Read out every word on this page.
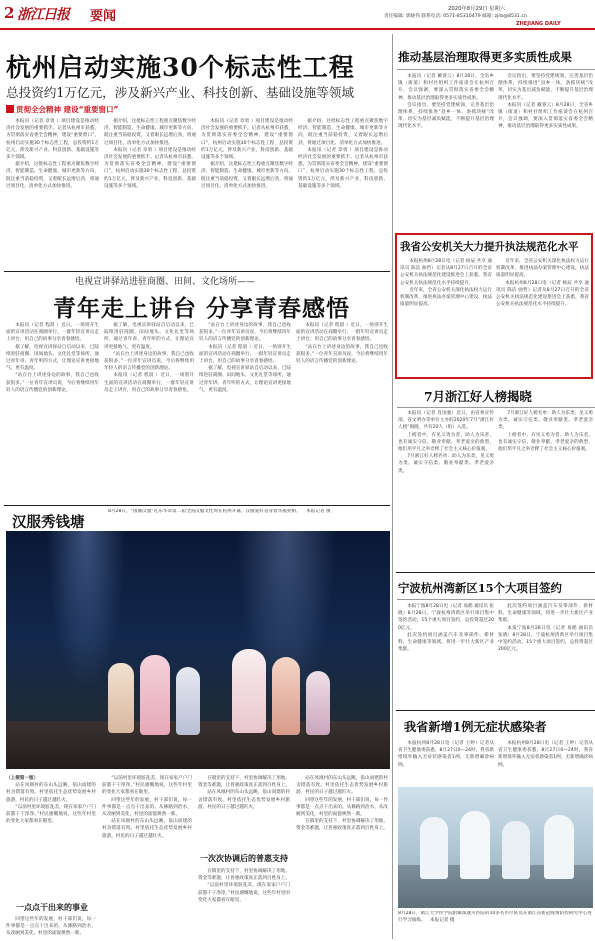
2 浙江日报 要闻	2020年8月29日 星期六
责任编辑: 郭晓伟 联系电话: 0571-85310479 邮箱: zjrb@8531.cn
ZHEJIANG DAILY
杭州启动实施30个标志性工程
总投资约1万亿元，涉及新兴产业、科技创新、基础设施等领域
贯彻全会精神 建设“重要窗口”

本报讯（记者 章勇 ）项目建设是推动经济社会发展的重要抓手。记者从杭州市获悉，为贯彻落实省委全会精神，建设“重要窗口”，杭州启动实施30个标志性工程，总投资约1万亿元，涉及新兴产业、科技创新、基础设施等多个领域。

据介绍，这批标志性工程重点聚焦数字经济、智能制造、生命健康、城市更新等方向，既注重当前稳投资，又着眼长远增后劲，将通过项目化、清单化方式加快推进。

据介绍，这批标志性工程重点聚焦数字经济、智能制造、生命健康、城市更新等方向，既注重当前稳投资，又着眼长远增后劲，将通过项目化、清单化方式加快推进。

本报讯（记者 章勇 ）项目建设是推动经济社会发展的重要抓手。记者从杭州市获悉，为贯彻落实省委全会精神，建设“重要窗口”，杭州启动实施30个标志性工程，总投资约1万亿元，涉及新兴产业、科技创新、基础设施等多个领域。

本报讯（记者 章勇 ）项目建设是推动经济社会发展的重要抓手。记者从杭州市获悉，为贯彻落实省委全会精神，建设“重要窗口”，杭州启动实施30个标志性工程，总投资约1万亿元，涉及新兴产业、科技创新、基础设施等多个领域。

据介绍，这批标志性工程重点聚焦数字经济、智能制造、生命健康、城市更新等方向，既注重当前稳投资，又着眼长远增后劲，将通过项目化、清单化方式加快推进。

据介绍，这批标志性工程重点聚焦数字经济、智能制造、生命健康、城市更新等方向，既注重当前稳投资，又着眼长远增后劲，将通过项目化、清单化方式加快推进。

本报讯（记者 章勇 ）项目建设是推动经济社会发展的重要抓手。记者从杭州市获悉，为贯彻落实省委全会精神，建设“重要窗口”，杭州启动实施30个标志性工程，总投资约1万亿元，涉及新兴产业、科技创新、基础设施等多个领域。

电视宣讲驿站进驻商圈、田间、文化场所——
青年走上讲台 分享青春感悟

本报讯（记者 程晨 ）近日，一场别开生面的宣讲活动在商圈举行，一群年轻宣讲员走上讲台，用自己的故事分享青春感悟。

据了解，电视宣讲驿站自启动以来，已陆续进驻商圈、田间地头、文化礼堂等场所，通过青年讲、青年听的方式，让理论宣讲更接地气、更有温度。

“站在台上讲述身边的故事，我自己也收获很多。”一位青年宣讲员说，今后将继续用年轻人的语言传播党的创新理论。

据了解，电视宣讲驿站自启动以来，已陆续进驻商圈、田间地头、文化礼堂等场所，通过青年讲、青年听的方式，让理论宣讲更接地气、更有温度。

“站在台上讲述身边的故事，我自己也收获很多。”一位青年宣讲员说，今后将继续用年轻人的语言传播党的创新理论。

本报讯（记者 程晨 ）近日，一场别开生面的宣讲活动在商圈举行，一群年轻宣讲员走上讲台，用自己的故事分享青春感悟。

“站在台上讲述身边的故事，我自己也收获很多。”一位青年宣讲员说，今后将继续用年轻人的语言传播党的创新理论。

本报讯（记者 程晨 ）近日，一场别开生面的宣讲活动在商圈举行，一群年轻宣讲员走上讲台，用自己的故事分享青春感悟。

据了解，电视宣讲驿站自启动以来，已陆续进驻商圈、田间地头、文化礼堂等场所，通过青年讲、青年听的方式，让理论宣讲更接地气、更有温度。

本报讯（记者 程晨 ）近日，一场别开生面的宣讲活动在商圈举行，一群年轻宣讲员走上讲台，用自己的故事分享青春感悟。

“站在台上讲述身边的故事，我自己也收获很多。”一位青年宣讲员说，今后将继续用年轻人的语言传播党的创新理论。

汉服秀钱塘
8月28日，“国潮汉服”礼乐华章第二届全国汉服文化周在杭州开幕，汉服爱好者身着华服亮相。 本报记者 摄
（上接第一版）

站在凤凰村的东山头远眺，依山而建的村舍错落有致。村里依托生态优势发展乡村旅游，村民的日子越过越红火。

“以前村里环境脏乱差，现在家家户户门前都干干净净。”村民感慨地说，这些年村里的变化大家都看在眼里。

一点点干出来的事业

回望这些年的发展，村干部们说，每一件事都是一点点干出来的。从修路到治水，从改厕到美化，村里的面貌焕然一新。

“以前村里环境脏乱差，现在家家户户门前都干干净净。”村民感慨地说，这些年村里的变化大家都看在眼里。

回望这些年的发展，村干部们说，每一件事都是一点点干出来的。从修路到治水，从改厕到美化，村里的面貌焕然一新。

站在凤凰村的东山头远眺，依山而建的村舍错落有致。村里依托生态优势发展乡村旅游，村民的日子越过越红火。

在镇里的支持下，村里协调解决了用地、资金等难题，让普惠政策真正落到百姓身上。

站在凤凰村的东山头远眺，依山而建的村舍错落有致。村里依托生态优势发展乡村旅游，村民的日子越过越红火。

一次次协调后的普惠支持

在镇里的支持下，村里协调解决了用地、资金等难题，让普惠政策真正落到百姓身上。

“以前村里环境脏乱差，现在家家户户门前都干干净净。”村民感慨地说，这些年村里的变化大家都看在眼里。

站在凤凰村的东山头远眺，依山而建的村舍错落有致。村里依托生态优势发展乡村旅游，村民的日子越过越红火。

回望这些年的发展，村干部们说，每一件事都是一点点干出来的。从修路到治水，从改厕到美化，村里的面貌焕然一新。

在镇里的支持下，村里协调解决了用地、资金等难题，让普惠政策真正落到百姓身上。

推动基层治理取得更多实质性成果

本报讯（记者 戴睿云）8月28日，全省乡镇（街道）和村社组织工作座谈会在杭州召开，会议强调，要深入贯彻落实省委全会精神，推动基层治理取得更多实质性成果。

会议指出，要坚持党建统领，完善基层治理体系，持续推进“县乡一体、条抓块统”改革，切实为基层减负赋能，不断提升基层治理现代化水平。

会议指出，要坚持党建统领，完善基层治理体系，持续推进“县乡一体、条抓块统”改革，切实为基层减负赋能，不断提升基层治理现代化水平。

本报讯（记者 戴睿云）8月28日，全省乡镇（街道）和村社组织工作座谈会在杭州召开，会议强调，要深入贯彻落实省委全会精神，推动基层治理取得更多实质性成果。

我省公安机关大力提升执法规范化水平

本报杭州8月28日电（记者 杨辰 共享 通讯员 陈洁 曲哲）记者从8月27日召开的全省公安机关执法规范化建设推进会上获悉，我省公安机关执法规范化水平持续提升。

近年来，全省公安机关深化执法权力运行机制改革，推进执法办案管理中心建设，执法质量明显提高。

近年来，全省公安机关深化执法权力运行机制改革，推进执法办案管理中心建设，执法质量明显提高。

本报杭州8月28日电（记者 杨辰 共享 通讯员 陈洁 曲哲）记者从8月27日召开的全省公安机关执法规范化建设推进会上获悉，我省公安机关执法规范化水平持续提升。

7月浙江好人榜揭晓

本报讯（记者 肖国强）近日，由省委宣传部、省文明办等单位主办的2020年7月“浙江好人榜”揭晓，共有20人（组）入选。

上榜者中，有见义勇为者、助人为乐者，也有诚实守信、敬业奉献、孝老爱亲的典型，他们用平凡之举诠释了社会主义核心价值观。

7月浙江好人榜名单：助人为乐类、见义勇为类、诚实守信类、敬业奉献类、孝老爱亲类。

7月浙江好人榜名单：助人为乐类、见义勇为类、诚实守信类、敬业奉献类、孝老爱亲类。

上榜者中，有见义勇为者、助人为乐者，也有诚实守信、敬业奉献、孝老爱亲的典型，他们用平凡之举诠释了社会主义核心价值观。

宁波杭州湾新区15个大项目签约

本报宁波8月28日电（记者 易鹤 通讯员 张晓）8月28日，宁波杭州湾新区举行项目集中签约活动，15个重大项目签约，总投资超过200亿元。

此次签约项目涵盖汽车及零部件、新材料、生命健康等领域，将进一步壮大新区产业集群。

此次签约项目涵盖汽车及零部件、新材料、生命健康等领域，将进一步壮大新区产业集群。

本报宁波8月28日电（记者 易鹤 通讯员 张晓）8月28日，宁波杭州湾新区举行项目集中签约活动，15个重大项目签约，总投资超过200亿元。

我省新增1例无症状感染者

本报杭州8月28日电（记者 王婷）记者从省卫生健康委获悉，8月27日0—24时，我省新增境外输入无症状感染者1例，无新增确诊病例。

本报杭州8月28日电（记者 王婷）记者从省卫生健康委获悉，8月27日0—24时，我省新增境外输入无症状感染者1例，无新增确诊病例。

8月28日，浙江大学医学院附属邵逸夫医院的10多名医疗队员在浙江省新冠疫情防控研究中心进行学习演练。 本报记者 摄
